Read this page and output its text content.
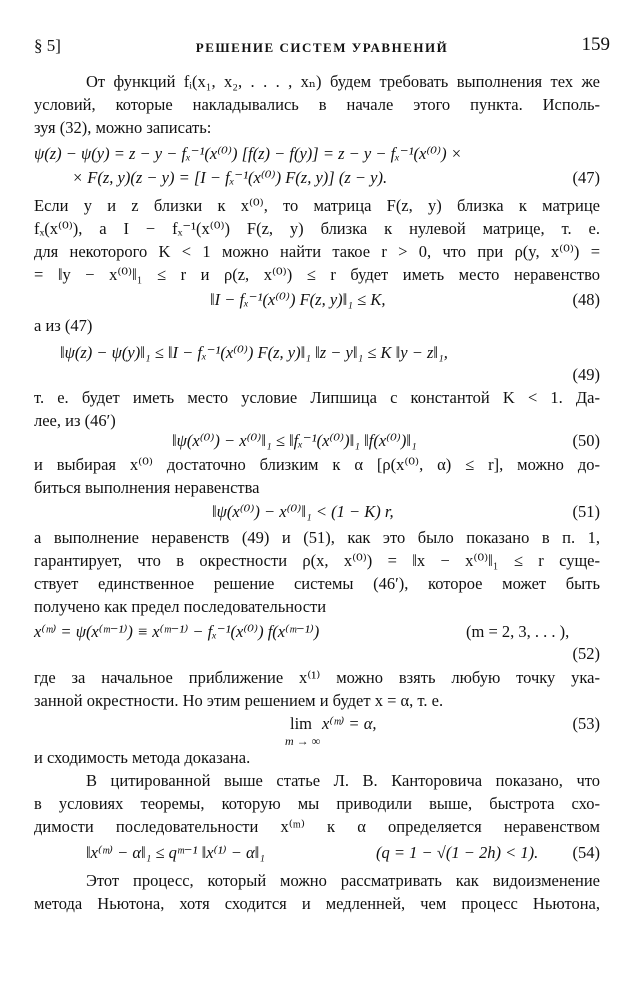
§ 5]	РЕШЕНИЕ СИСТЕМ УРАВНЕНИЙ	159
От функций fᵢ(x₁, x₂, . . . , xₙ) будем требовать выполнения тех же
условий, которые накладывались в начале этого пункта. Исполь-
зуя (32), можно записать:
ψ(z) − ψ(y) = z − y − fₓ⁻¹(x⁽⁰⁾) [f(z) − f(y)] = z − y − fₓ⁻¹(x⁽⁰⁾) ×
× F(z, y)(z − y) = [I − fₓ⁻¹(x⁽⁰⁾) F(z, y)] (z − y).	(47)
Если y и z близки к x⁽⁰⁾, то матрица F(z, y) близка к матрице
fₓ(x⁽⁰⁾), а I − fₓ⁻¹(x⁽⁰⁾) F(z, y) близка к нулевой матрице, т. е.
для некоторого K < 1 можно найти такое r > 0, что при ρ(y, x⁽⁰⁾) =
= ‖y − x⁽⁰⁾‖₁ ≤ r и ρ(z, x⁽⁰⁾) ≤ r будет иметь место неравенство
‖I − fₓ⁻¹(x⁽⁰⁾) F(z, y)‖₁ ≤ K,	(48)
а из (47)
‖ψ(z) − ψ(y)‖₁ ≤ ‖I − fₓ⁻¹(x⁽⁰⁾) F(z, y)‖₁ ‖z − y‖₁ ≤ K ‖y − z‖₁,
(49)
т. е. будет иметь место условие Липшица с константой K < 1. Да-
лее, из (46′)
‖ψ(x⁽⁰⁾) − x⁽⁰⁾‖₁ ≤ ‖fₓ⁻¹(x⁽⁰⁾)‖₁ ‖f(x⁽⁰⁾)‖₁	(50)
и выбирая x⁽⁰⁾ достаточно близким к α [ρ(x⁽⁰⁾, α) ≤ r], можно до-
биться выполнения неравенства
‖ψ(x⁽⁰⁾) − x⁽⁰⁾‖₁ < (1 − K) r,	(51)
а выполнение неравенств (49) и (51), как это было показано в п. 1,
гарантирует, что в окрестности ρ(x, x⁽⁰⁾) = ‖x − x⁽⁰⁾‖₁ ≤ r суще-
ствует единственное решение системы (46′), которое может быть
получено как предел последовательности
x⁽ᵐ⁾ = ψ(x⁽ᵐ⁻¹⁾) ≡ x⁽ᵐ⁻¹⁾ − fₓ⁻¹(x⁽⁰⁾) f(x⁽ᵐ⁻¹⁾)	(m = 2, 3, . . . ),
(52)
где за начальное приближение x⁽¹⁾ можно взять любую точку ука-
занной окрестности. Но этим решением и будет x = α, т. е.
lim
m → ∞
x⁽ᵐ⁾ = α,	(53)
и сходимость метода доказана.
В цитированной выше статье Л. В. Канторовича показано, что
в условиях теоремы, которую мы приводили выше, быстрота схо-
димости последовательности x⁽ᵐ⁾ к α определяется неравенством
‖x⁽ᵐ⁾ − α‖₁ ≤ qᵐ⁻¹ ‖x⁽¹⁾ − α‖₁	(q = 1 − √(1 − 2h) < 1). (54)
Этот процесс, который можно рассматривать как видоизменение
метода Ньютона, хотя сходится и медленней, чем процесс Ньютона,
